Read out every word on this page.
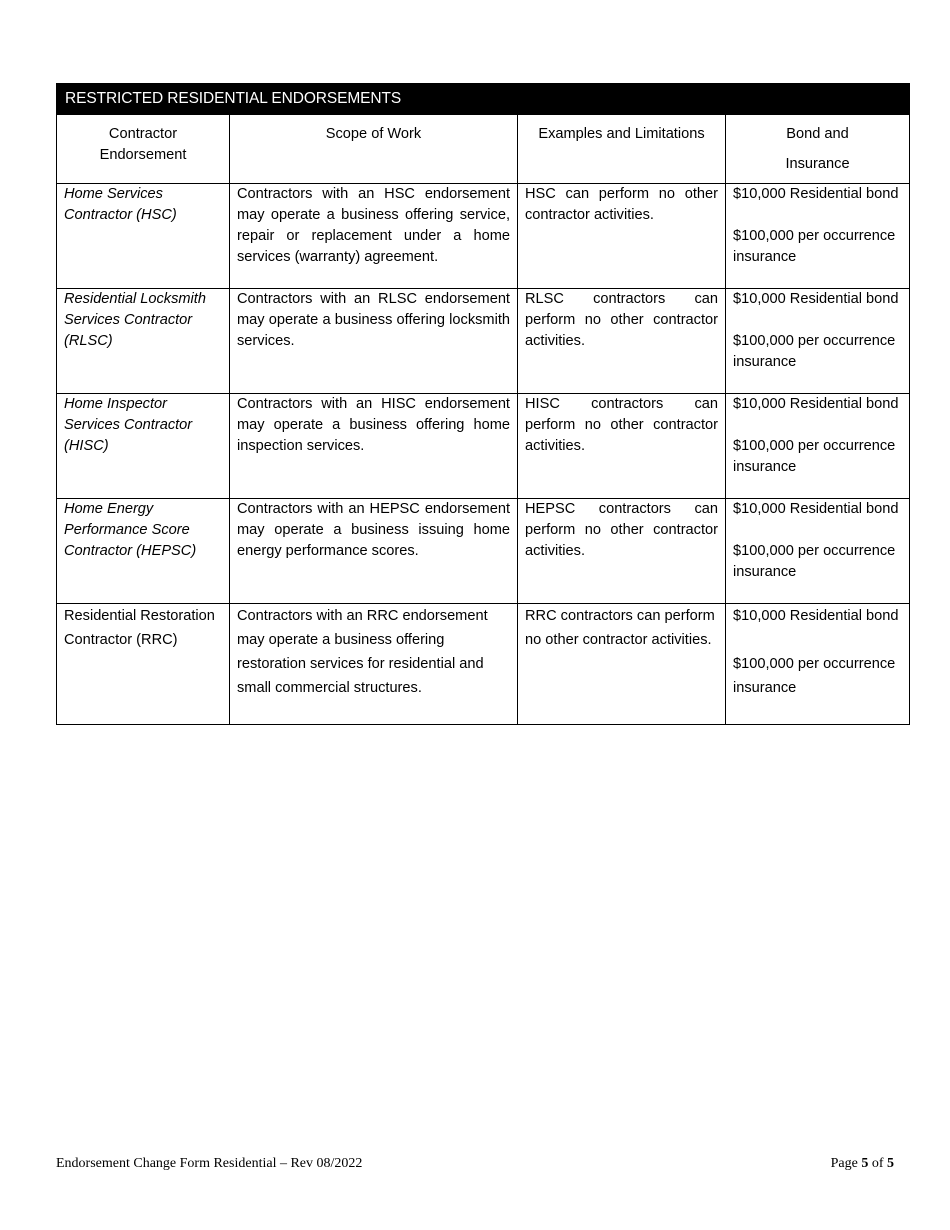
RESTRICTED RESIDENTIAL ENDORSEMENTS			

Contractor
Endorsement	Scope of Work	Examples and Limitations	Bond and
Insurance

Home Services Contractor (HSC)	Contractors with an HSC endorsement may operate a business offering service, repair or replacement under a home services (warranty) agreement.	HSC can perform no other contractor activities.	$10,000 Residential bond
$100,000 per occurrence insurance
Residential Locksmith Services Contractor (RLSC)	Contractors with an RLSC endorsement may operate a business offering locksmith services.	RLSC contractors can perform no other contractor activities.	$10,000 Residential bond
$100,000 per occurrence insurance
Home Inspector Services Contractor (HISC)	Contractors with an HISC endorsement may operate a business offering home inspection services.	HISC contractors can perform no other contractor activities.	$10,000 Residential bond
$100,000 per occurrence insurance
Home Energy Performance Score Contractor (HEPSC)	Contractors with an HEPSC endorsement may operate a business issuing home energy performance scores.	HEPSC contractors can perform no other contractor activities.	$10,000 Residential bond
$100,000 per occurrence insurance
Residential Restoration Contractor (RRC)	Contractors with an RRC endorsement may operate a business offering restoration services for residential and small commercial structures.	RRC contractors can perform no other contractor activities.	$10,000 Residential bond
$100,000 per occurrence insurance
Endorsement Change Form Residential – Rev 08/2022	Page 5 of 5
